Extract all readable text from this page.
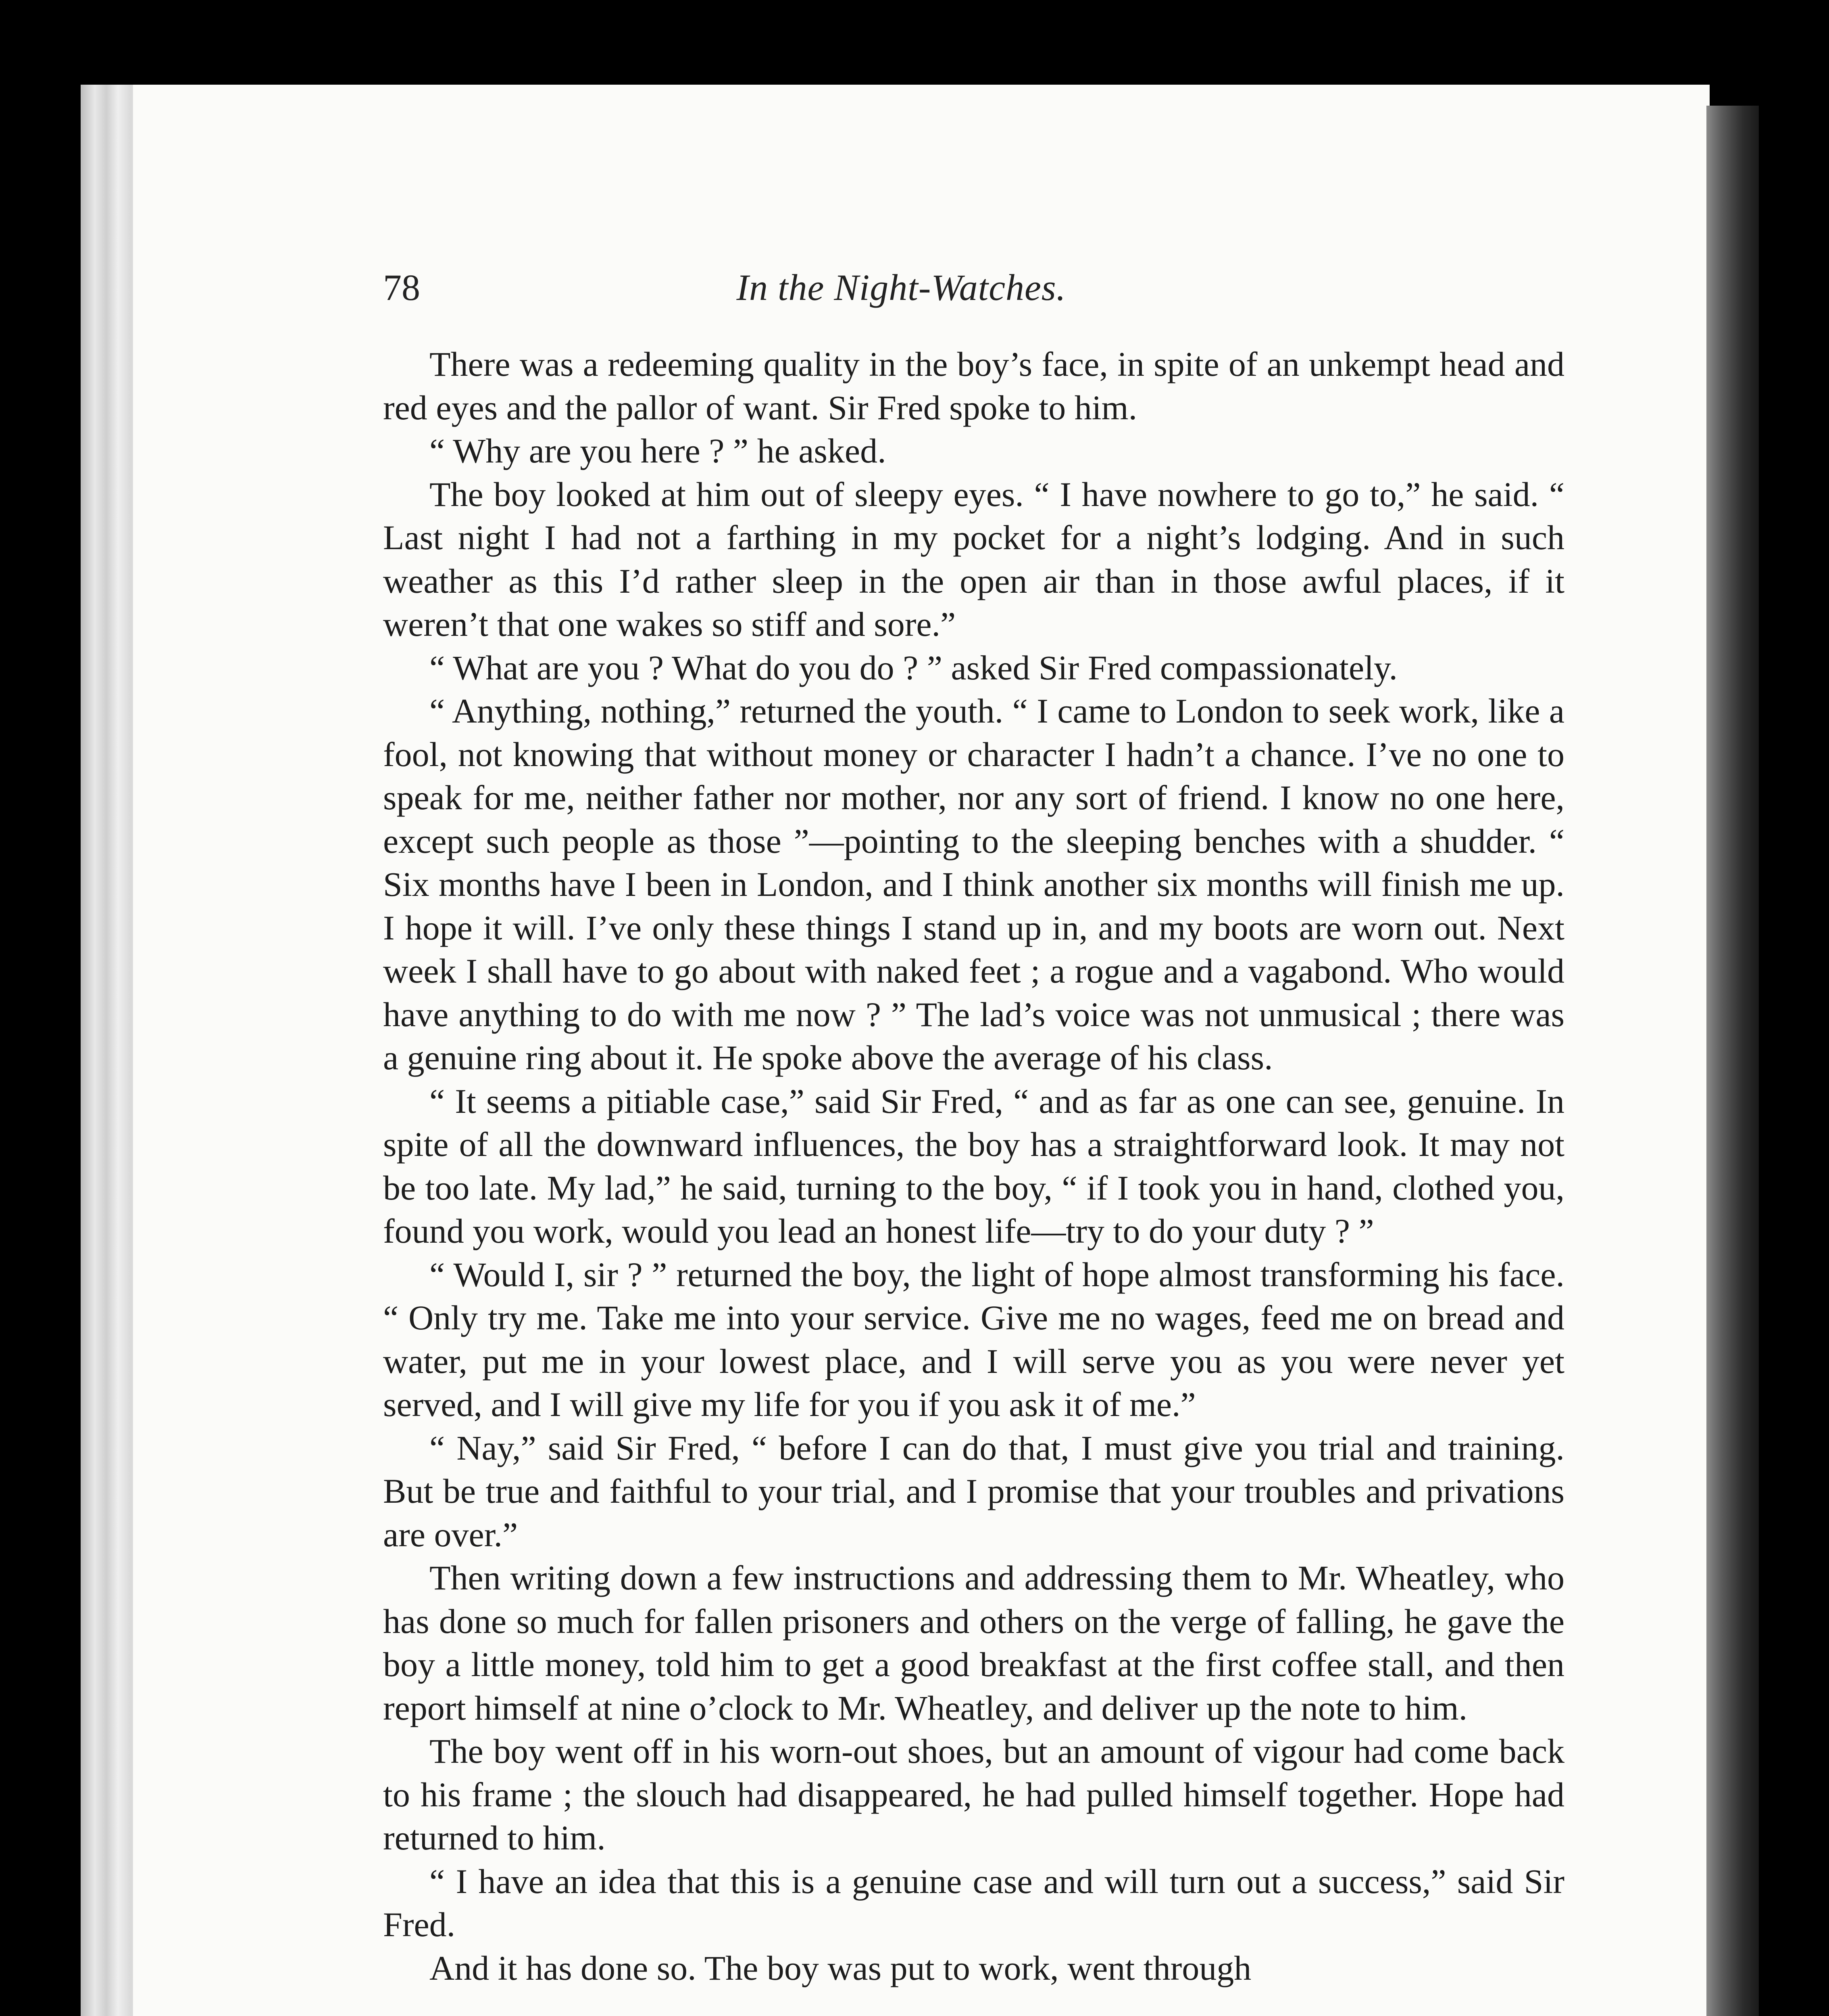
78	In the Night-Watches.

There was a redeeming quality in the boy’s face, in spite of an unkempt head and red eyes and the pallor of want. Sir Fred spoke to him.

“ Why are you here ? ” he asked.

The boy looked at him out of sleepy eyes. “ I have nowhere to go to,” he said. “ Last night I had not a farthing in my pocket for a night’s lodging. And in such weather as this I’d rather sleep in the open air than in those awful places, if it weren’t that one wakes so stiff and sore.”

“ What are you ? What do you do ? ” asked Sir Fred compassionately.

“ Anything, nothing,” returned the youth. “ I came to London to seek work, like a fool, not knowing that without money or character I hadn’t a chance. I’ve no one to speak for me, neither father nor mother, nor any sort of friend. I know no one here, except such people as those ”—pointing to the sleeping benches with a shudder. “ Six months have I been in London, and I think another six months will finish me up. I hope it will. I’ve only these things I stand up in, and my boots are worn out. Next week I shall have to go about with naked feet ; a rogue and a vagabond. Who would have anything to do with me now ? ” The lad’s voice was not unmusical ; there was a genuine ring about it. He spoke above the average of his class.

“ It seems a pitiable case,” said Sir Fred, “ and as far as one can see, genuine. In spite of all the downward influences, the boy has a straightforward look. It may not be too late. My lad,” he said, turning to the boy, “ if I took you in hand, clothed you, found you work, would you lead an honest life—try to do your duty ? ”

“ Would I, sir ? ” returned the boy, the light of hope almost transforming his face. “ Only try me. Take me into your service. Give me no wages, feed me on bread and water, put me in your lowest place, and I will serve you as you were never yet served, and I will give my life for you if you ask it of me.”

“ Nay,” said Sir Fred, “ before I can do that, I must give you trial and training. But be true and faithful to your trial, and I promise that your troubles and privations are over.”

Then writing down a few instructions and addressing them to Mr. Wheatley, who has done so much for fallen prisoners and others on the verge of falling, he gave the boy a little money, told him to get a good breakfast at the first coffee stall, and then report himself at nine o’clock to Mr. Wheatley, and deliver up the note to him.

The boy went off in his worn-out shoes, but an amount of vigour had come back to his frame ; the slouch had disappeared, he had pulled himself together. Hope had returned to him.

“ I have an idea that this is a genuine case and will turn out a success,” said Sir Fred.

And it has done so. The boy was put to work, went through
